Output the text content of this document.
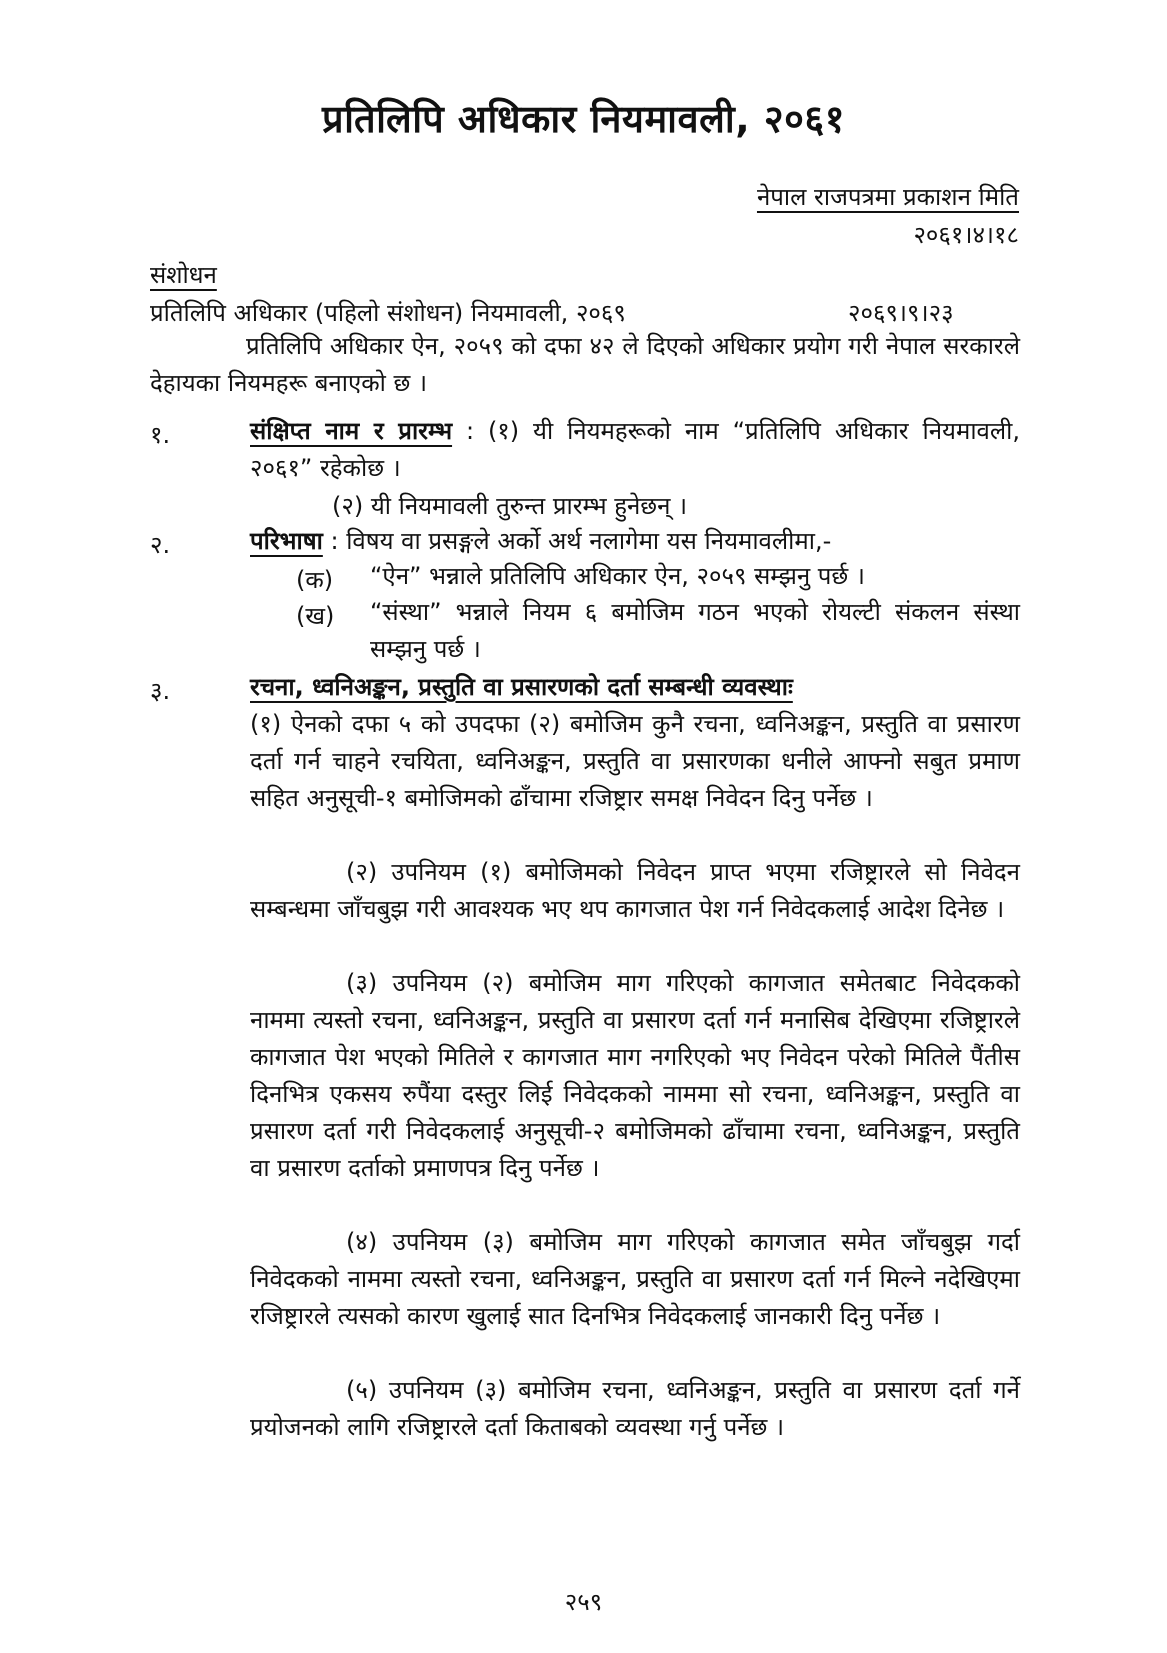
प्रतिलिपि अधिकार नियमावली, २०६१
नेपाल राजपत्रमा प्रकाशन मिति
२०६१।४।१८
संशोधन
प्रतिलिपि अधिकार (पहिलो संशोधन) नियमावली, २०६९	२०६९।९।२३
प्रतिलिपि अधिकार ऐन, २०५९ को दफा ४२ ले दिएको अधिकार प्रयोग गरी नेपाल सरकारले देहायका नियमहरू बनाएको छ ।
१.	संक्षिप्त नाम र प्रारम्भ : (१) यी नियमहरूको नाम “प्रतिलिपि अधिकार नियमावली, २०६१” रहेकोछ ।
(२) यी नियमावली तुरुन्त प्रारम्भ हुनेछन् ।
२.	परिभाषा : विषय वा प्रसङ्गले अर्को अर्थ नलागेमा यस नियमावलीमा,-
(क) “ऐन” भन्नाले प्रतिलिपि अधिकार ऐन, २०५९ सम्झनु पर्छ ।
(ख) “संस्था” भन्नाले नियम ६ बमोजिम गठन भएको रोयल्टी संकलन संस्था सम्झनु पर्छ ।
३.	रचना, ध्वनिअङ्कन, प्रस्तुति वा प्रसारणको दर्ता सम्बन्धी व्यवस्थाः
(१) ऐनको दफा ५ को उपदफा (२) बमोजिम कुनै रचना, ध्वनिअङ्कन, प्रस्तुति वा प्रसारण दर्ता गर्न चाहने रचयिता, ध्वनिअङ्कन, प्रस्तुति वा प्रसारणका धनीले आफ्नो सबुत प्रमाण सहित अनुसूची-१ बमोजिमको ढाँचामा रजिष्ट्रार समक्ष निवेदन दिनु पर्नेछ ।
(२) उपनियम (१) बमोजिमको निवेदन प्राप्त भएमा रजिष्ट्रारले सो निवेदन सम्बन्धमा जाँचबुझ गरी आवश्यक भए थप कागजात पेश गर्न निवेदकलाई आदेश दिनेछ ।
(३) उपनियम (२) बमोजिम माग गरिएको कागजात समेतबाट निवेदकको नाममा त्यस्तो रचना, ध्वनिअङ्कन, प्रस्तुति वा प्रसारण दर्ता गर्न मनासिब देखिएमा रजिष्ट्रारले कागजात पेश भएको मितिले र कागजात माग नगरिएको भए निवेदन परेको मितिले पैंतीस दिनभित्र एकसय रुपैंया दस्तुर लिई निवेदकको नाममा सो रचना, ध्वनिअङ्कन, प्रस्तुति वा प्रसारण दर्ता गरी निवेदकलाई अनुसूची-२ बमोजिमको ढाँचामा रचना, ध्वनिअङ्कन, प्रस्तुति वा प्रसारण दर्ताको प्रमाणपत्र दिनु पर्नेछ ।
(४) उपनियम (३) बमोजिम माग गरिएको कागजात समेत जाँचबुझ गर्दा निवेदकको नाममा त्यस्तो रचना, ध्वनिअङ्कन, प्रस्तुति वा प्रसारण दर्ता गर्न मिल्ने नदेखिएमा रजिष्ट्रारले त्यसको कारण खुलाई सात दिनभित्र निवेदकलाई जानकारी दिनु पर्नेछ ।
(५) उपनियम (३) बमोजिम रचना, ध्वनिअङ्कन, प्रस्तुति वा प्रसारण दर्ता गर्ने प्रयोजनको लागि रजिष्ट्रारले दर्ता किताबको व्यवस्था गर्नु पर्नेछ ।
२५९
